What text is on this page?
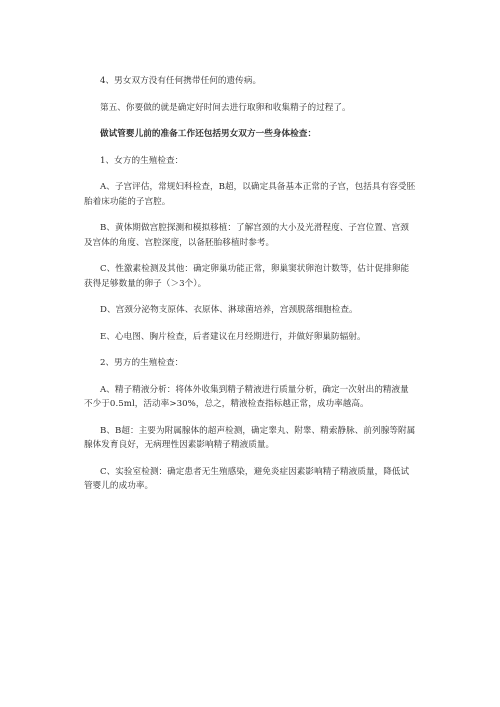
4、男女双方没有任何携带任何的遗传病。

第五、你要做的就是确定好时间去进行取卵和收集精子的过程了。

做试管婴儿前的准备工作还包括男女双方一些身体检查：

1、女方的生殖检查：

A、子宫评估，常规妇科检查，B超，以确定具备基本正常的子宫，包括具有容受胚胎着床功能的子宫腔。

B、黄体期做宫腔探测和模拟移植：了解宫颈的大小及光滑程度、子宫位置、宫颈及宫体的角度、宫腔深度，以备胚胎移植时参考。

C、性激素检测及其他：确定卵巢功能正常，卵巢窦状卵泡计数等，估计促排卵能获得足够数量的卵子（＞3个）。

D、宫颈分泌物支原体、衣原体、淋球菌培养，宫颈脱落细胞检查。

E、心电图、胸片检查，后者建议在月经期进行，并做好卵巢防辐射。

2、男方的生殖检查：

A、精子精液分析：将体外收集到精子精液进行质量分析，确定一次射出的精液量不少于0.5ml，活动率>30%，总之，精液检查指标越正常，成功率越高。

B、B超：主要为附属腺体的超声检测，确定睾丸、附睾、精索静脉、前列腺等附属腺体发育良好，无病理性因素影响精子精液质量。

C、实验室检测：确定患者无生殖感染，避免炎症因素影响精子精液质量，降低试管婴儿的成功率。
